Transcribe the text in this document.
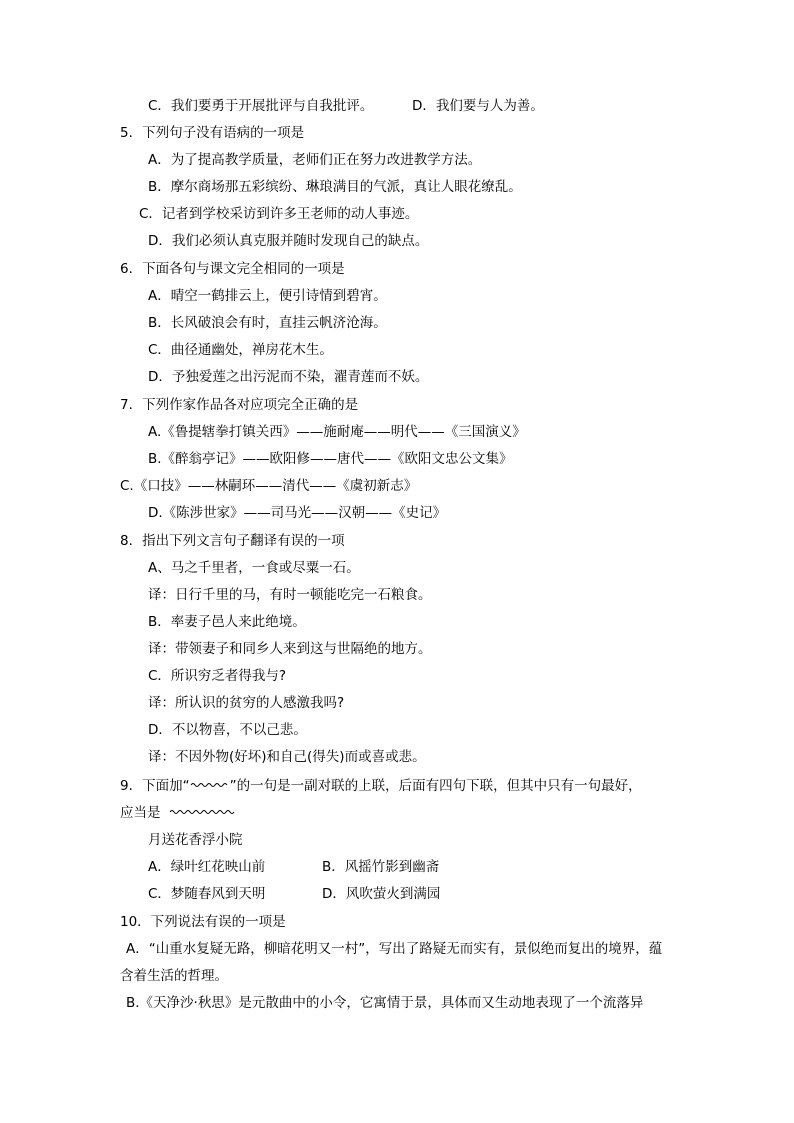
C．我们要勇于开展批评与自我批评。	D．我们要与人为善。
5．下列句子没有语病的一项是
A．为了提高教学质量，老师们正在努力改进教学方法。
B．摩尔商场那五彩缤纷、琳琅满目的气派，真让人眼花缭乱。
C．记者到学校采访到许多王老师的动人事迹。
D．我们必须认真克服并随时发现自己的缺点。
6．下面各句与课文完全相同的一项是
A．晴空一鹤排云上，便引诗情到碧宵。
B．长风破浪会有时，直挂云帆济沧海。
C．曲径通幽处，禅房花木生。
D．予独爱莲之出污泥而不染，濯青莲而不妖。
7．下列作家作品各对应项完全正确的是
A.《鲁提辖拳打镇关西》——施耐庵——明代——《三国演义》
B.《醉翁亭记》——欧阳修——唐代——《欧阳文忠公文集》
C.《口技》——林嗣环——清代——《虞初新志》
D.《陈涉世家》——司马光——汉朝——《史记》
8．指出下列文言句子翻译有误的一项
A、马之千里者，一食或尽粟一石。
译：日行千里的马，有时一顿能吃完一石粮食。
B．率妻子邑人来此绝境。
译：带领妻子和同乡人来到这与世隔绝的地方。
C．所识穷乏者得我与?
译：所认识的贫穷的人感激我吗?
D．不以物喜，不以己悲。
译：不因外物(好坏)和自己(得失)而或喜或悲。
9．下面加“	”的一句是一副对联的上联，后面有四句下联，但其中只有一句最好，
应当是
月送花香浮小院
A．绿叶红花映山前	B．风摇竹影到幽斋
C．梦随春风到天明	D．风吹萤火到满园
10．下列说法有误的一项是
A．“山重水复疑无路，柳暗花明又一村”，写出了路疑无而实有，景似绝而复出的境界，蕴
含着生活的哲理。
B.《天净沙·秋思》是元散曲中的小令，它寓情于景，具体而又生动地表现了一个流落异
